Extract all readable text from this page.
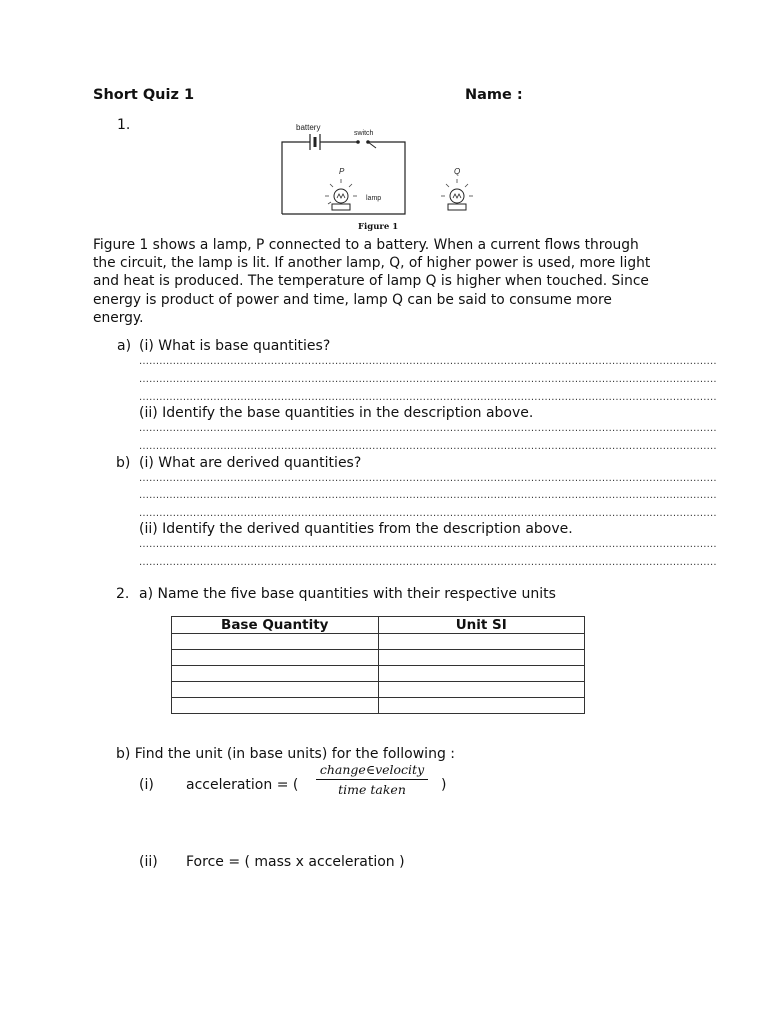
Short Quiz 1	Name :
1.	battery
switch
P
lamp
Q
Figure 1
Figure 1 shows a lamp, P connected to a battery. When a current flows through
the circuit, the lamp is lit. If another lamp, Q, of higher power is used, more light
and heat is produced. The temperature of lamp Q is higher when touched. Since
energy is product of power and time, lamp Q can be said to consume more
energy.
a) (i) What is base quantities?
...........................................................................................................................................................................
...........................................................................................................................................................................
...........................................................................................................................................................................
(ii) Identify the base quantities in the description above.
...........................................................................................................................................................................
...........................................................................................................................................................................
b) (i) What are derived quantities?
...........................................................................................................................................................................
...........................................................................................................................................................................
...........................................................................................................................................................................
(ii) Identify the derived quantities from the description above.
...........................................................................................................................................................................
...........................................................................................................................................................................
2. a) Name the five base quantities with their respective units
Base Quantity	Unit SI

b) Find the unit (in base units) for the following :
(i) acceleration = (
change∈velocity
time taken	)
(ii) Force = ( mass x acceleration )
